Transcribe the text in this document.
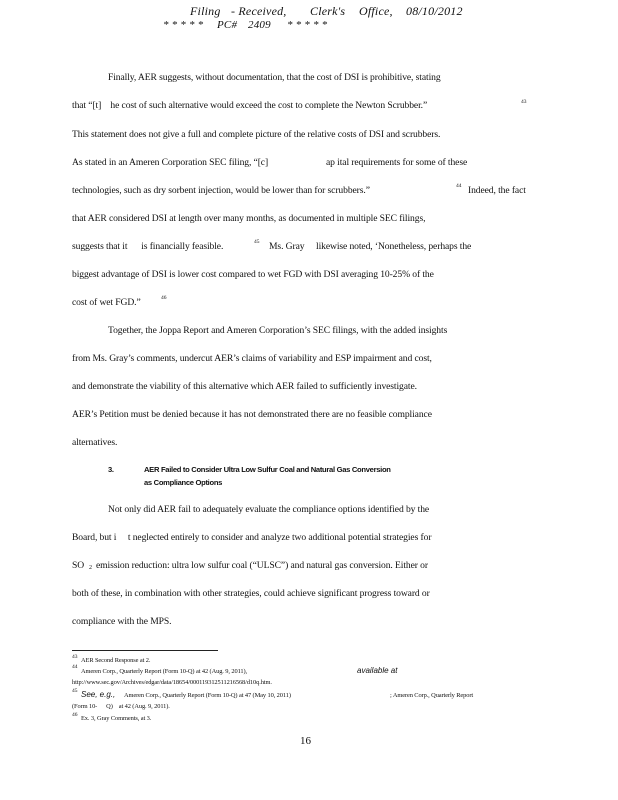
Filing - Received, Clerk's Office, 08/10/2012
* * * * * PC# 2409 * * * * *
Finally, AER suggests, without documentation, that the cost of DSI is prohibitive, stating
that “[t]    he cost of such alternative would exceed the cost to complete the Newton Scrubber.”	43
This statement does not give a full and complete picture of the relative costs of DSI and scrubbers.
As stated in an Ameren Corporation SEC filing, “[c]	ap ital requirements for some of these
technologies, such as dry sorbent injection, would be lower than for scrubbers.”	44 Indeed, the fact
that AER considered DSI at length over many months, as documented in multiple SEC filings,
suggests that it      is financially feasible.	45 Ms. Gray likewise noted, ‘Nonetheless, perhaps the
biggest advantage of DSI is lower cost compared to wet FGD with DSI averaging 10-25% of the
cost of wet FGD.”	46
Together, the Joppa Report and Ameren Corporation’s SEC filings, with the added insights
from Ms. Gray’s comments, undercut AER’s claims of variability and ESP impairment and cost,
and demonstrate the viability of this alternative which AER failed to sufficiently investigate.
AER’s Petition must be denied because it has not demonstrated there are no feasible compliance
alternatives.
3.	AER Failed to Consider Ultra Low Sulfur Coal and Natural Gas Conversion
as Compliance Options
Not only did AER fail to adequately evaluate the compliance options identified by the
Board, but i     t neglected entirely to consider and analyze two additional potential strategies for
SO 2 emission reduction: ultra low sulfur coal (“ULSC”) and natural gas conversion. Either or
both of these, in combination with other strategies, could achieve significant progress toward or
compliance with the MPS.
43 AER Second Response at 2.
44
Ameren Corp., Quarterly Report (Form 10-Q) at 42 (Aug. 9, 2011),	available at
http://www.sec.gov/Archives/edgar/data/18654/000119312511216568/d10q.htm.
45 See, e.g., Ameren Corp., Quarterly Report (Form 10-Q) at 47 (May 10, 2011)	; Ameren Corp., Quarterly Report
(Form 10-      Q)    at 42 (Aug. 9, 2011).
46 Ex. 3, Gray Comments, at 3.
16
